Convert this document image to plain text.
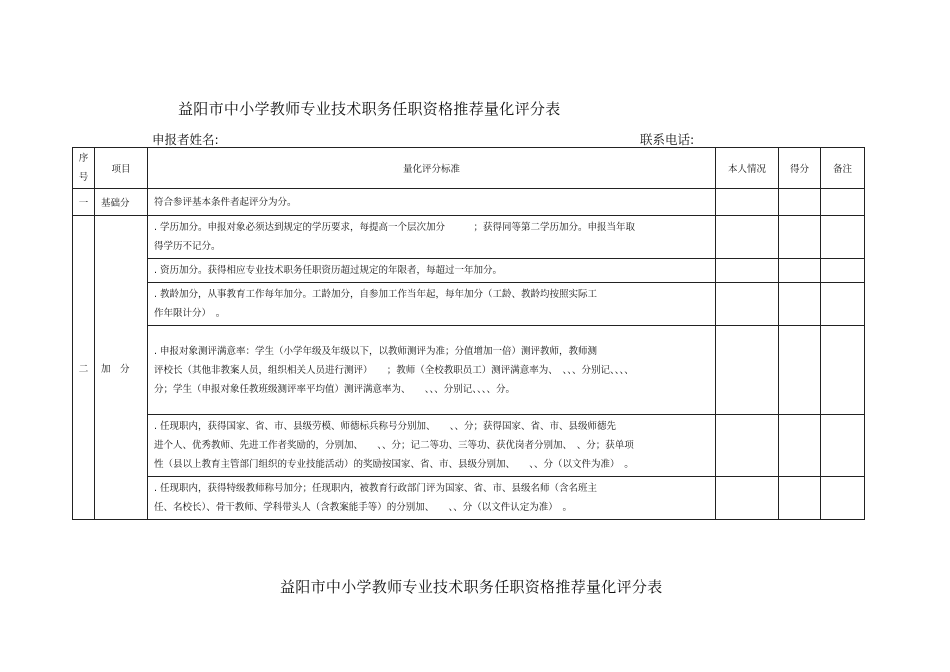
益阳市中小学教师专业技术职务任职资格推荐量化评分表
申报者姓名:	联系电话:
序
号	项目	量化评分标准	本人情况	得分	备注
一	基础分	符合参评基本条件者起评分为分。			
二	加　分	. 学历加分。申报对象必须达到规定的学历要求，每提高一个层次加分　　　；获得同等第二学历加分。申报当年取
得学历不记分。			
		. 资历加分。获得相应专业技术职务任职资历超过规定的年限者，每超过一年加分。			
		. 教龄加分，从事教育工作每年加分。工龄加分，自参加工作当年起，每年加分（工龄、教龄均按照实际工
作年限计分）　。			
		. 申报对象测评满意率：学生（小学年级及年级以下，以教师测评为准；分值增加一倍）测评教师，教师测
评校长（其他非教案人员，组织相关人员进行测评）　　；教师（全校教职员工）测评满意率为、　、、、分别记、、、、
分；学生（申报对象任教班级测评率平均值）测评满意率为、　　、、、分别记、、、、分。			
		. 任现职内，获得国家、省、市、县级劳模、师德标兵称号分别加、　　、、分；获得国家、省、市、县级师德先
进个人、优秀教师、先进工作者奖励的，分别加、　　、、分；记二等功、三等功、获优岗者分别加、　、分；获单项
性（县以上教育主管部门组织的专业技能活动）的奖励按国家、省、市、县级分别加、　　、、分（以文件为准）　。			
		. 任现职内，获得特级教师称号加分；任现职内，被教育行政部门评为国家、省、市、县级名师（含名班主
任、名校长）、骨干教师、学科带头人（含教案能手等）的分别加、　　、、分（以文件认定为准）　。			
益阳市中小学教师专业技术职务任职资格推荐量化评分表
